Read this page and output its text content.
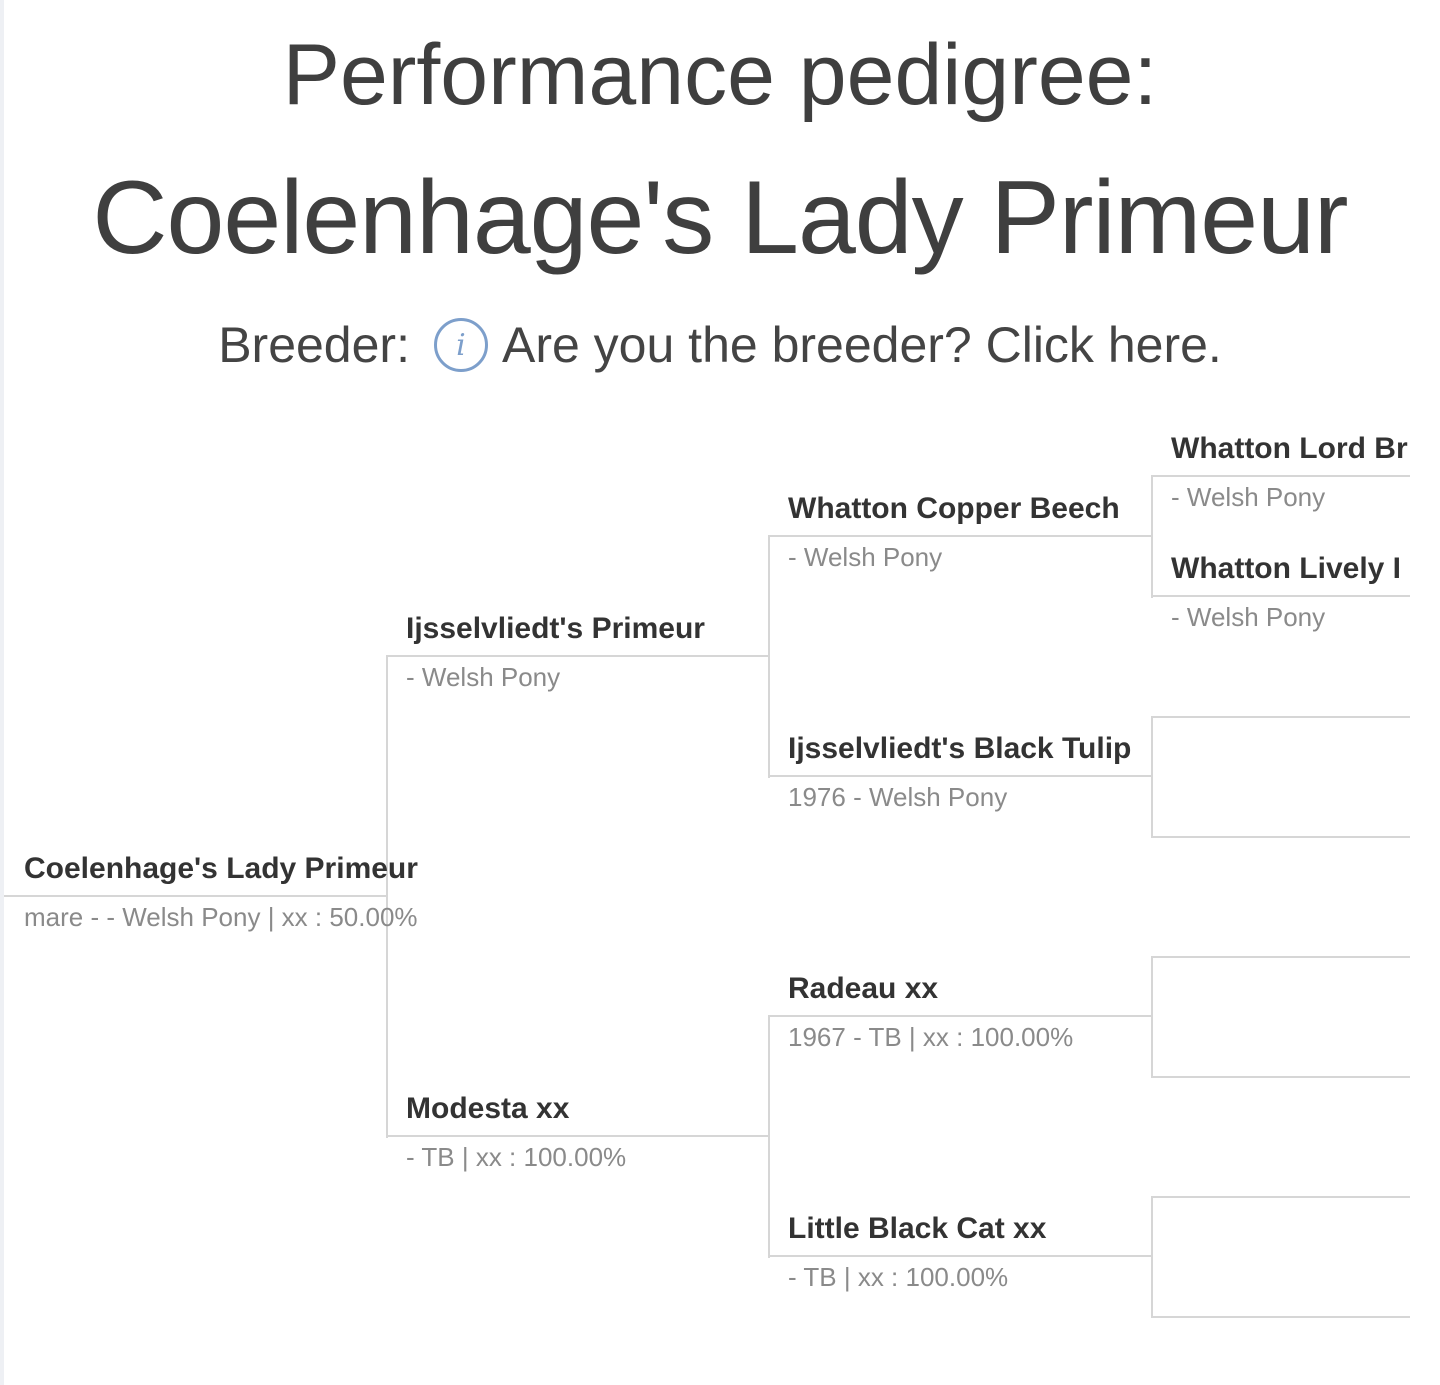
Performance pedigree:
Coelenhage's Lady Primeur
Breeder:	i Are you the breeder? Click here.
Coelenhage's Lady Primeur
mare - - Welsh Pony | xx : 50.00%
Ijsselvliedt's Primeur
- Welsh Pony
Modesta xx
- TB | xx : 100.00%
Whatton Copper Beech
- Welsh Pony
Ijsselvliedt's Black Tulip
1976 - Welsh Pony
Radeau xx
1967 - TB | xx : 100.00%
Little Black Cat xx
- TB | xx : 100.00%
Whatton Lord Br
- Welsh Pony
Whatton Lively I
- Welsh Pony
